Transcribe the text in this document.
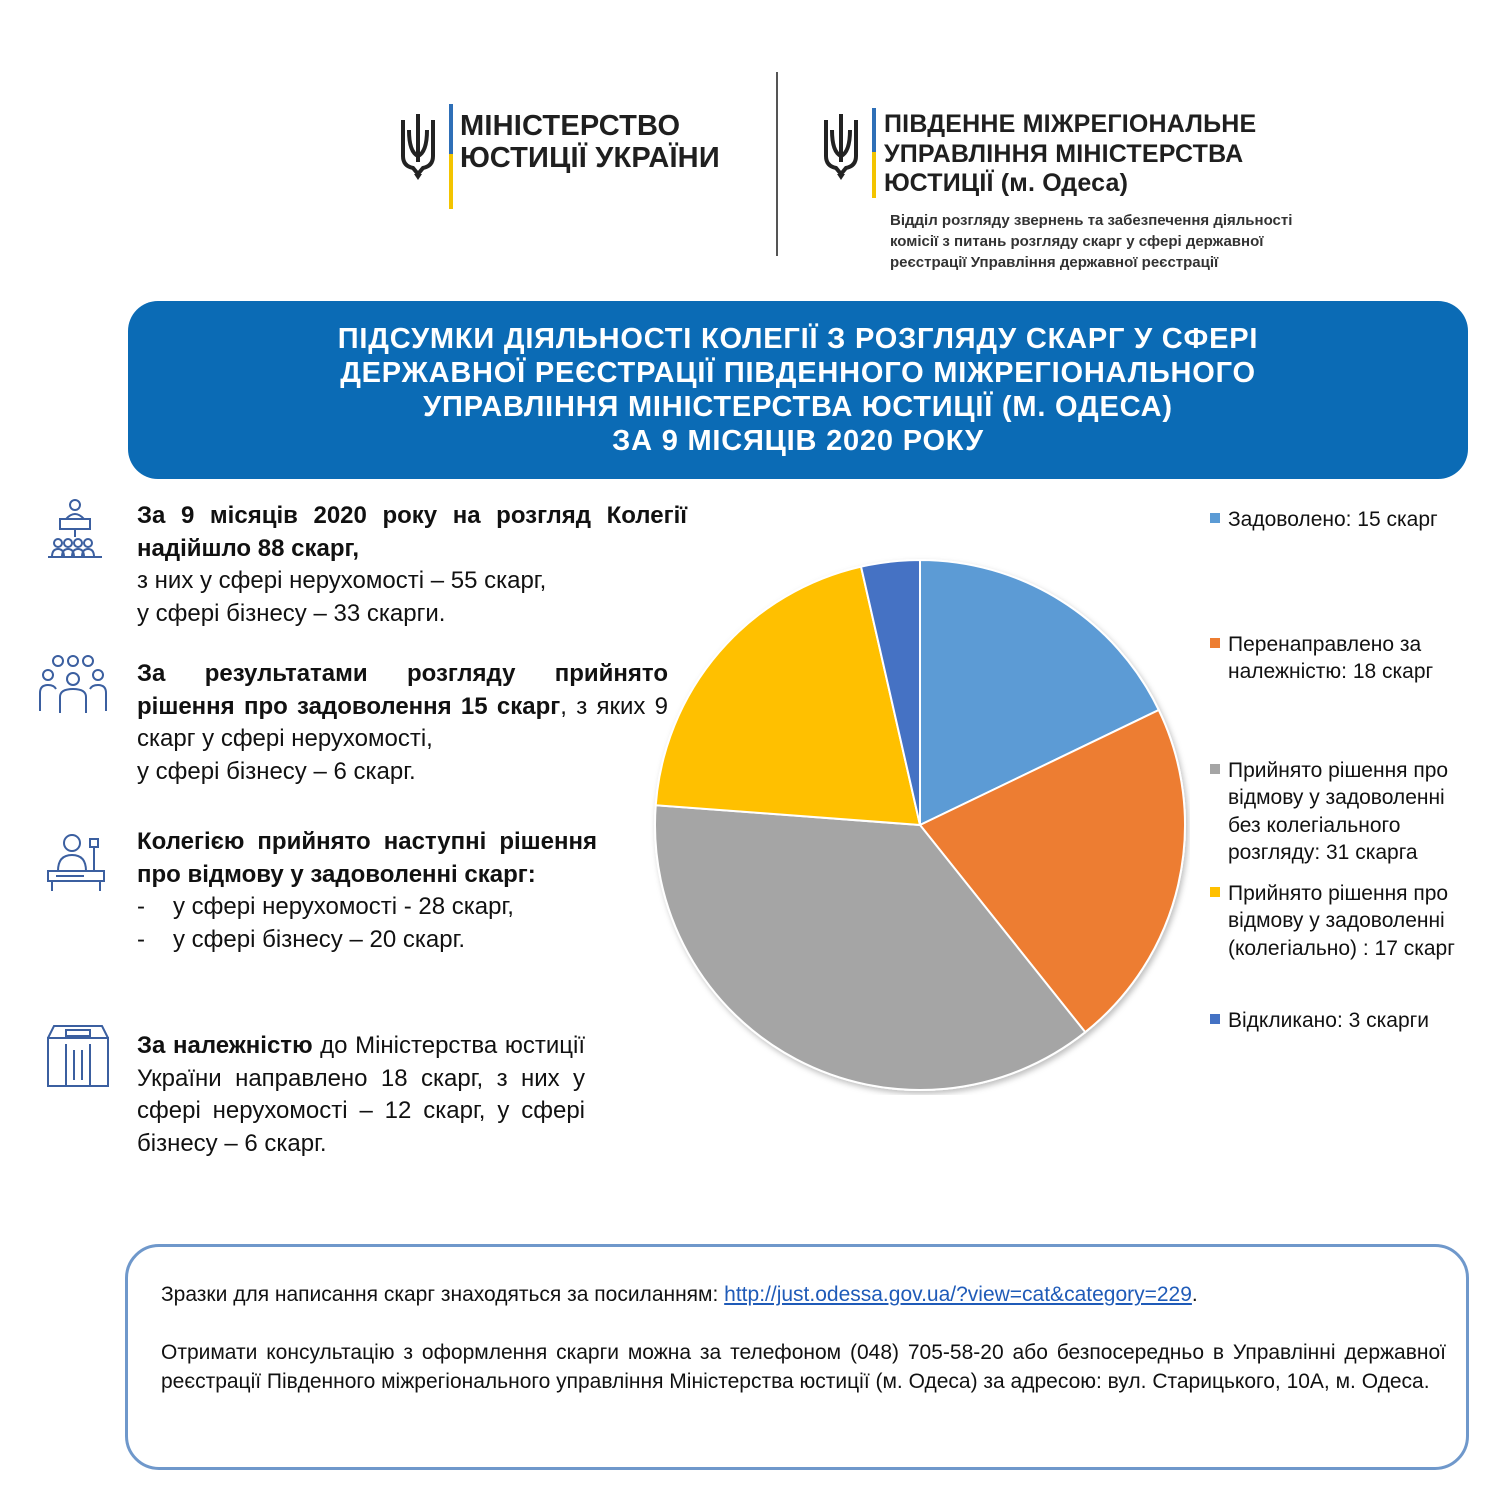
МІНІСТЕРСТВО
ЮСТИЦІЇ УКРАЇНИ
ПІВДЕННЕ МІЖРЕГІОНАЛЬНЕ
УПРАВЛІННЯ МІНІСТЕРСТВА
ЮСТИЦІЇ (м. Одеса)
Відділ розгляду звернень та забезпечення діяльності
комісії з питань розгляду скарг у сфері державної
реєстрації Управління державної реєстрації
ПІДСУМКИ ДІЯЛЬНОСТІ КОЛЕГІЇ З РОЗГЛЯДУ СКАРГ У СФЕРІ
ДЕРЖАВНОЇ РЕЄСТРАЦІЇ ПІВДЕННОГО МІЖРЕГІОНАЛЬНОГО
УПРАВЛІННЯ МІНІСТЕРСТВА ЮСТИЦІЇ (М. ОДЕСА)
ЗА 9 МІСЯЦІВ 2020 РОКУ
За 9 місяців 2020 року на розгляд Колегії надійшло 88 скарг,
з них у сфері нерухомості – 55 скарг,
у сфері бізнесу – 33 скарги.
За результатами розгляду прийнято рішення про задоволення 15 скарг, з яких 9 скарг у сфері нерухомості,
у сфері бізнесу – 6 скарг.
Колегією прийнято наступні рішення про відмову у задоволенні скарг:
-	у сфері нерухомості - 28 скарг,
-	у сфері бізнесу – 20 скарг.
За належністю до Міністерства юстиції України направлено 18 скарг, з них у сфері нерухомості – 12 скарг, у сфері бізнесу – 6 скарг.
Задоволено: 15 скарг
Перенаправлено за
належністю: 18 скарг
Прийнято рішення про
відмову у задоволенні
без колегіального
розгляду: 31 скарга
Прийнято рішення про
відмову у задоволенні
(колегіально) : 17 скарг
Відкликано: 3 скарги

Зразки для написання скарг знаходяться за посиланням: http://just.odessa.gov.ua/?view=cat&category=229.

Отримати консультацію з оформлення скарги можна за телефоном (048) 705-58-20 або безпосередньо в Управлінні державної реєстрації Південного міжрегіонального управління Міністерства юстиції (м. Одеса) за адресою: вул. Старицького, 10А, м. Одеса.
